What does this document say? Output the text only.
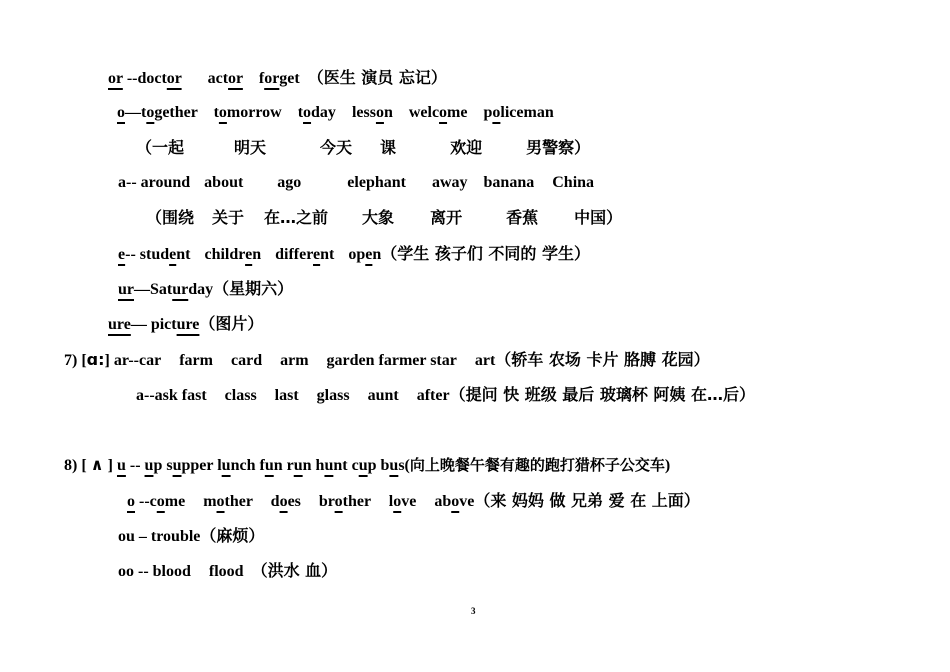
or --doctor actor forget （医生 演员 忘记）
o—together tomorrow today lesson welcome policeman
（一起	明天	今天 课	欢迎	男警察）
a-- around about ago	elephant away banana China
（围绕 关于 在…之前 大象 离开	香蕉 中国）
e-- student children different open（学生 孩子们 不同的 学生）
ur—Saturday（星期六）
ure— picture（图片）
7) [ɑ:] ar--car farm card arm garden farmer star art（轿车 农场 卡片 胳膊 花园）
a--ask fast class last glass aunt after（提问 快 班级 最后 玻璃杯 阿姨 在…后）
8) [ ∧ ] u -- up supper lunch fun run hunt cup bus(向上晚餐午餐有趣的跑打猎杯子公交车)
o --come mother does brother love above（来 妈妈 做 兄弟 爱 在 上面）
ou – trouble（麻烦）
oo -- blood flood （洪水 血）
3
